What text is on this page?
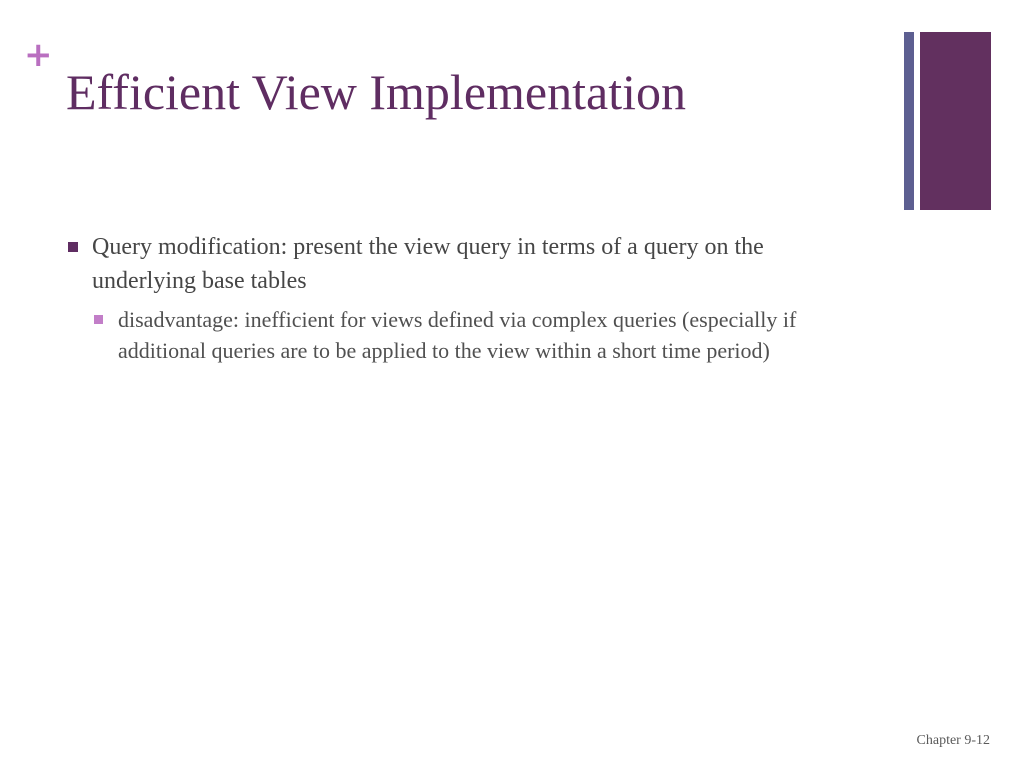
+
Efficient View Implementation
Query modification: present the view query in terms of a query on the underlying base tables
disadvantage: inefficient for views defined via complex queries (especially if additional queries are to be applied to the view within a short time period)
Chapter 9-12
